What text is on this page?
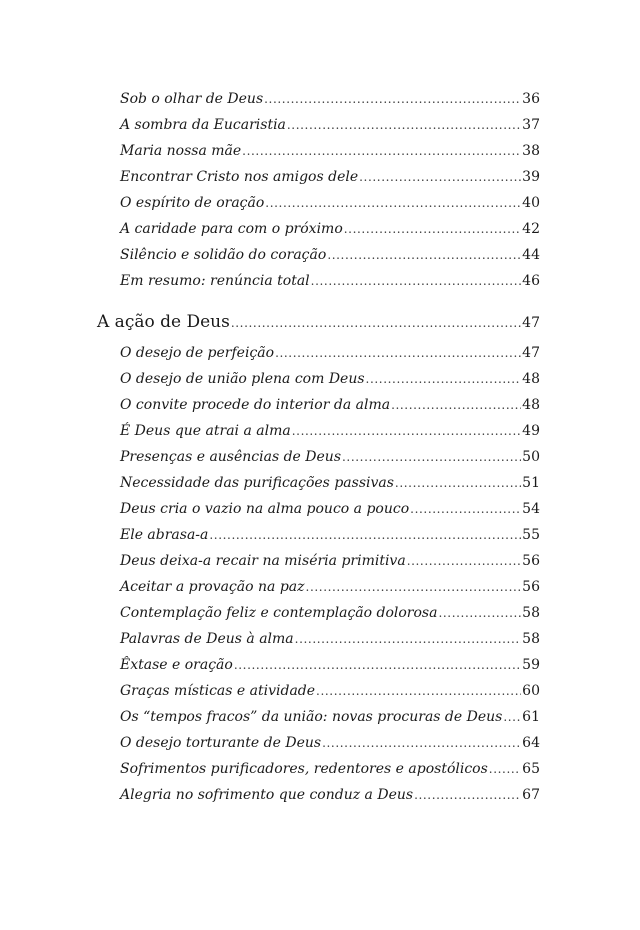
Sob o olhar de Deus .....	36
A sombra da Eucaristia .....	37
Maria nossa mãe .....	38
Encontrar Cristo nos amigos dele .....	39
O espírito de oração .....	40
A caridade para com o próximo .....	42
Silêncio e solidão do coração .....	44
Em resumo: renúncia total .....	46
A ação de Deus .....	47
O desejo de perfeição .....	47
O desejo de união plena com Deus .....	48
O convite procede do interior da alma .....	48
É Deus que atrai a alma .....	49
Presenças e ausências de Deus .....	50
Necessidade das purificações passivas .....	51
Deus cria o vazio na alma pouco a pouco .....	54
Ele abrasa-a .....	55
Deus deixa-a recair na miséria primitiva .....	56
Aceitar a provação na paz .....	56
Contemplação feliz e contemplação dolorosa .....	58
Palavras de Deus à alma .....	58
Êxtase e oração .....	59
Graças místicas e atividade .....	60
Os “tempos fracos” da união: novas procuras de Deus ..... 61
O desejo torturante de Deus .....	64
Sofrimentos purificadores, redentores e apostólicos ..... 65
Alegria no sofrimento que conduz a Deus .....	67
